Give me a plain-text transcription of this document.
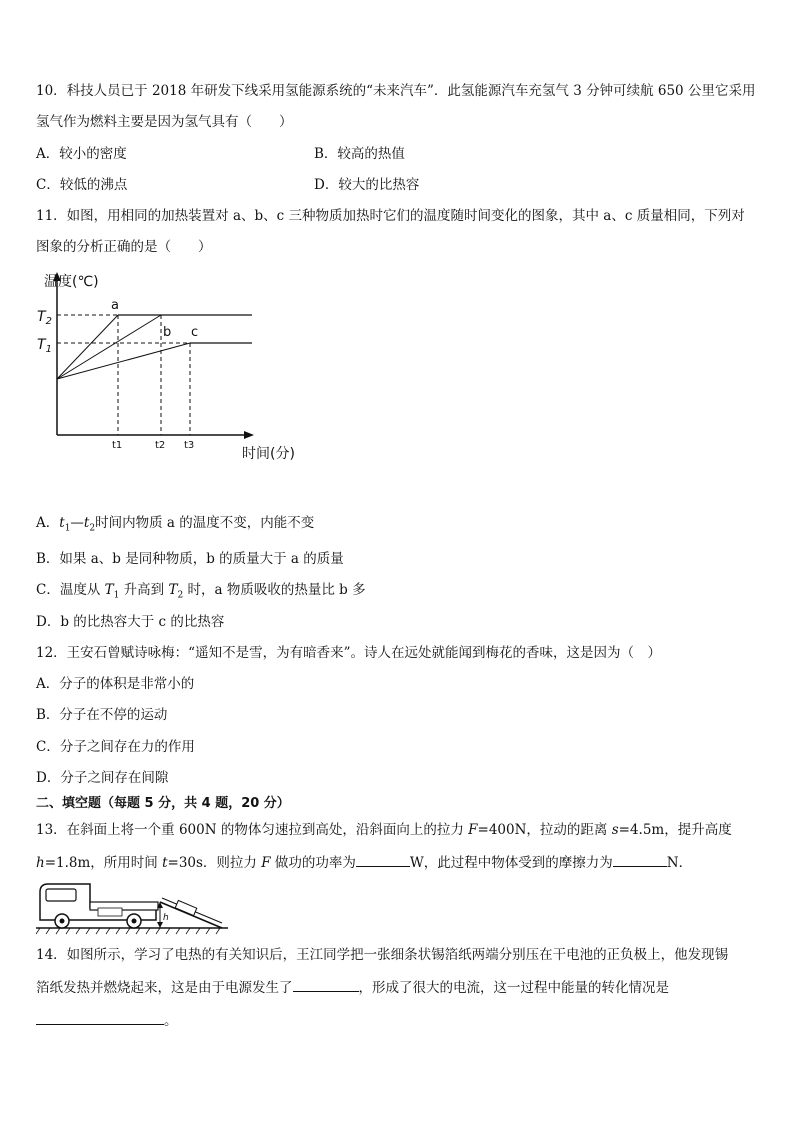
10．科技人员已于 2018 年研发下线采用氢能源系统的“未来汽车”．此氢能源汽车充氢气 3 分钟可续航 650 公里它采用
氢气作为燃料主要是因为氢气具有（　　）
A．较小的密度	B．较高的热值
C．较低的沸点	D．较大的比热容
11．如图，用相同的加热装置对 a、b、c 三种物质加热时它们的温度随时间变化的图象，其中 a、c 质量相同，下列对
图象的分析正确的是（　　）
温度(℃)
时间(分)
$T_2$
$T_1$
t1	t2 t3
a
b c
A．$t_1—t_2$时间内物质 a 的温度不变，内能不变
B．如果 a、b 是同种物质，b 的质量大于 a 的质量
C．温度从 $T_1$ 升高到 $T_2$ 时，a 物质吸收的热量比 b 多
D．b 的比热容大于 c 的比热容
12．王安石曾赋诗咏梅：“遥知不是雪，为有暗香来”。诗人在远处就能闻到梅花的香味，这是因为（　）
A．分子的体积是非常小的
B．分子在不停的运动
C．分子之间存在力的作用
D．分子之间存在间隙
二、填空题（每题 5 分，共 4 题，20 分）
13．在斜面上将一个重 600N 的物体匀速拉到高处，沿斜面向上的拉力 F=400N，拉动的距离 s=4.5m，提升高度
h=1.8m，所用时间 t=30s．则拉力 F 做功的功率为	W，此过程中物体受到的摩擦力为	N．
h
14．如图所示，学习了电热的有关知识后，王江同学把一张细条状锡箔纸两端分别压在干电池的正负极上，他发现锡
箔纸发热并燃烧起来，这是由于电源发生了	，形成了很大的电流，这一过程中能量的转化情况是
。
